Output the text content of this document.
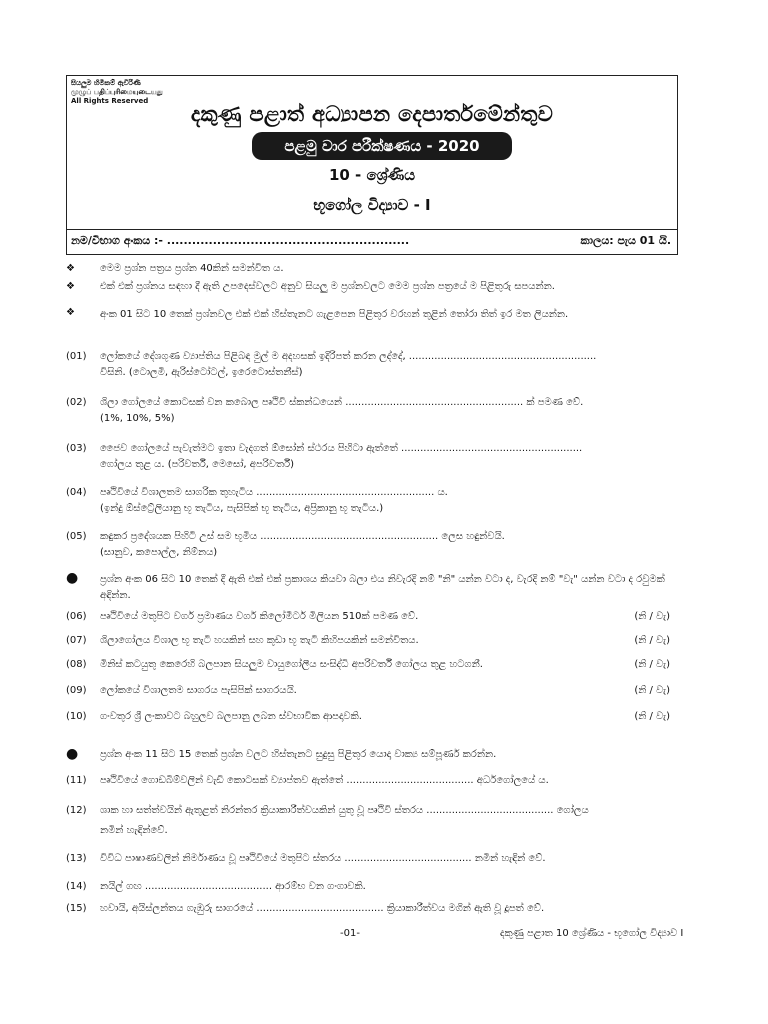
සියලුම හිමිකම් ඇවිරිණි
முழுப் பதிப்புரிமையுடையது
All Rights Reserved
දකුණු පළාත් අධ්‍යාපන දෙපාර්තමේන්තුව
පළමු වාර පරීක්ෂණය - 2020
10 - ශ්‍රේණිය
භූගෝල විද්‍යාව - I
නම/විභාග අංකය :- ..........................................................	කාලය: පැය 01 යි.
❖	මෙම ප්‍රශ්න පත්‍රය ප්‍රශ්න 40කින් සමන්විත ය.
❖	එක් එක් ප්‍රශ්නය සඳහා දී ඇති උපදෙස්වලට අනුව සියලු ම ප්‍රශ්නවලට මෙම ප්‍රශ්න පත්‍රයේ ම පිළිතුරු සපයන්න.
❖	අංක 01 සිට 10 තෙක් ප්‍රශ්නවල එක් එක් හිස්තැනට ගැළපෙන පිළිතුර වරහන් තුළින් තෝරා තිත් ඉර මත ලියන්න.
(01)	ලෝකයේ දේශගුණ ව්‍යාප්තිය පිළිබඳ මුල් ම අදහසක් ඉදිරිපත් කරන ලද්දේ, ...........................................................
විසිනි. (ටොලමි, ඇරිස්ටෝටල්, ඉරෙටොස්තනීස්)
(02)	ශිලා ගෝලයේ කොටසක් වන කබොල පෘථිවි ස්කන්ධයෙන් ........................................................ ක් පමණ වේ.
(1%, 10%, 5%)
(03)	ජෛව ගෝලයේ පැවැත්මට ඉතා වැදගත් ඕසෝන් ස්ථරය පිහිටා ඇත්තේ .........................................................
ගෝලය තුළ ය. (පරිවර්තී, මෙසෝ, අපරිවර්තී)
(04)	පෘථිවියේ විශාලතම සාගරික තුහැටිය ........................................................ ය.
(ඉන්දු ඕස්ට්‍රේලියානු භූ තැටිය, පැසිපික් භූ තැටිය, අප්‍රිකානු භූ තැටිය.)
(05)	කඳුකර ප්‍රදේශයක පිහිටි උස් සම භූමිය ........................................................ ලෙස හඳුන්වයි.
(සානුව, කපොල්ල, නිම්නය)
●	ප්‍රශ්න අංක 06 සිට 10 තෙක් දී ඇති එක් එක් ප්‍රකාශය කියවා බලා එය නිවැරදි නම් "නි" යන්න වටා ද, වැරදි නම් "වැ" යන්න වටා ද රවුමක් අඳින්න.
(06)	පෘථිවියේ මතුපිට වර්ග ප්‍රමාණය වර්ග කිලෝමීටර් මිලියන 510ක් පමණ වේ.	(නි / වැ)
(07)	ශිලාගෝලය විශාල භූ තැටි හයකින් සහ කුඩා භූ තැටි කිහිපයකින් සමන්විතය.	(නි / වැ)
(08)	මිනිස් කටයුතු කෙරෙහි බලපාන සියලුම වායුගෝලීය සංසිද්ධි අපරිවර්තී ගෝලය තුළ හටගනී.	(නි / වැ)
(09)	ලෝකයේ විශාලතම සාගරය පැසිපික් සාගරයයි.	(නි / වැ)
(10)	ගංවතුර ශ්‍රී ලංකාවට බහුලව බලපානු ලබන ස්වභාවික ආපදාවකි.	(නි / වැ)
●	ප්‍රශ්න අංක 11 සිට 15 තෙක් ප්‍රශ්න වලට හිස්තැනට සුදුසු පිළිතුර යොදා වාක්‍ය සම්පූර්ණ කරන්න.
(11)	පෘථිවියේ ගොඩබිම්වලින් වැඩි කොටසක් ව්‍යාප්තව ඇත්තේ ........................................ අර්ධගෝලයේ ය.
(12)	ශාක හා සත්ත්වයින් ඇතුළත් නිරන්තර ක්‍රියාකාරීත්වයකින් යුතු වූ පෘථිවි ස්තරය ........................................ ගෝලය
නමින් හැඳින්වේ.
(13)	විවිධ පාෂාණවලින් නිර්මාණය වූ පෘථිවියේ මතුපිට ස්තරය ........................................ නමින් හැඳින් වේ.
(14)	නයිල් ගඟ ........................................ ආරම්භ වන ගංගාවකි.
(15)	හවායි, අයිස්ලන්තය ගැඹුරු සාගරයේ ........................................ ක්‍රියාකාරීත්වය මගින් ඇති වූ දූපත් වේ.
-01-	දකුණු පළාත 10 ශ්‍රේණිය - භූගෝල විද්‍යාව I
